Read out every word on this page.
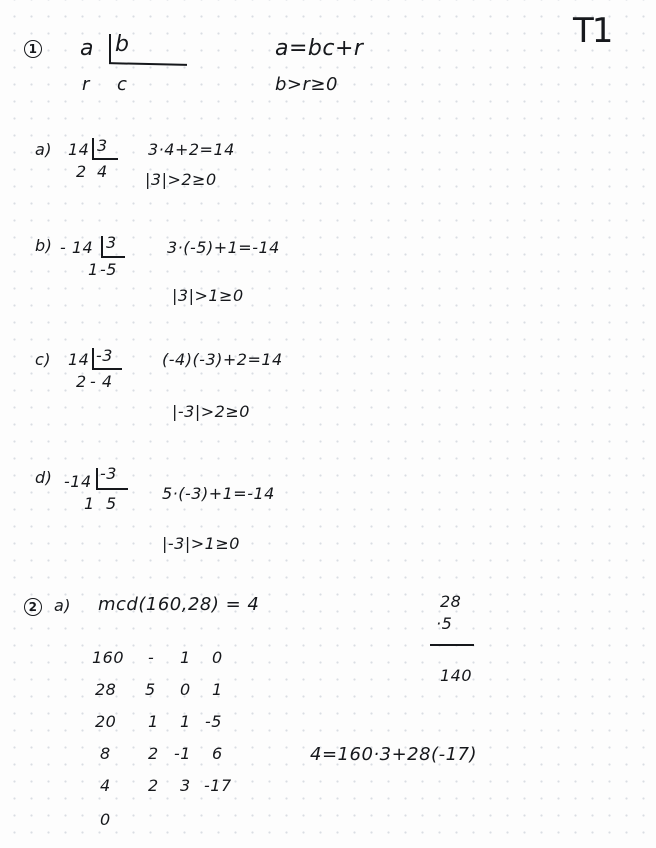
T1
1 a b
r c
a=bc+r
b>r≥0
a) 14 3
2 4
3·4+2=14
|3|>2≥0
b) - 14 3
1 -5
3·(-5)+1=-14
|3|>1≥0
c) 14 -3
2 - 4
(-4)(-3)+2=14
|-3|>2≥0
d) -14 -3
1 5
5·(-3)+1=-14
|-3|>1≥0
2 a) mcd(160,28) = 4	28
·5
140
160 - 1 0
28 5 0 1
20 1 1 -5
8 2 -1 6
4 2 3 -17
0
4=160·3+28(-17)
